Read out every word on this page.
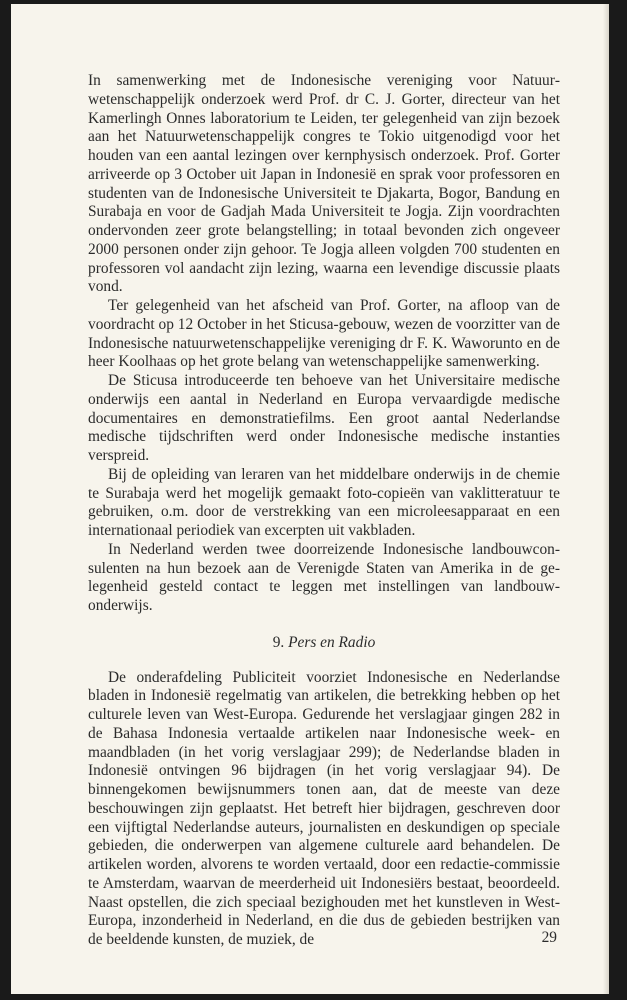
In samenwerking met de Indonesische vereniging voor Natuurwetenschappelijk onderzoek werd Prof. dr C. J. Gorter, directeur van het Kamerlingh Onnes laboratorium te Leiden, ter gelegenheid van zijn bezoek aan het Natuurwetenschappelijk congres te Tokio uitgenodigd voor het houden van een aantal lezingen over kernphysisch onderzoek. Prof. Gorter arriveerde op 3 October uit Japan in Indonesië en sprak voor professoren en studenten van de Indonesische Universiteit te Djakarta, Bogor, Bandung en Surabaja en voor de Gadjah Mada Universiteit te Jogja. Zijn voordrachten ondervonden zeer grote belangstelling; in totaal bevonden zich ongeveer 2000 personen onder zijn gehoor. Te Jogja alleen volgden 700 studenten en professoren vol aandacht zijn lezing, waarna een levendige discussie plaats vond.

Ter gelegenheid van het afscheid van Prof. Gorter, na afloop van de voordracht op 12 October in het Sticusa-gebouw, wezen de voorzitter van de Indonesische natuurwetenschappelijke vereniging dr F. K. Waworunto en de heer Koolhaas op het grote belang van wetenschappelijke samenwerking.

De Sticusa introduceerde ten behoeve van het Universitaire medische onderwijs een aantal in Nederland en Europa vervaardigde medische documentaires en demonstratiefilms. Een groot aantal Nederlandse medische tijdschriften werd onder Indonesische medische instanties verspreid.

Bij de opleiding van leraren van het middelbare onderwijs in de chemie te Surabaja werd het mogelijk gemaakt foto-copieën van vaklitteratuur te gebruiken, o.m. door de verstrekking van een microleesapparaat en een internationaal periodiek van excerpten uit vakbladen.

In Nederland werden twee doorreizende Indonesische landbouwconsulenten na hun bezoek aan de Verenigde Staten van Amerika in de gelegenheid gesteld contact te leggen met instellingen van landbouwonderwijs.

9. Pers en Radio

De onderafdeling Publiciteit voorziet Indonesische en Nederlandse bladen in Indonesië regelmatig van artikelen, die betrekking hebben op het culturele leven van West-Europa. Gedurende het verslagjaar gingen 282 in de Bahasa Indonesia vertaalde artikelen naar Indonesische week- en maandbladen (in het vorig verslagjaar 299); de Nederlandse bladen in Indonesië ontvingen 96 bijdragen (in het vorig verslagjaar 94). De binnengekomen bewijsnummers tonen aan, dat de meeste van deze beschouwingen zijn geplaatst. Het betreft hier bijdragen, geschreven door een vijftigtal Nederlandse auteurs, journalisten en deskundigen op speciale gebieden, die onderwerpen van algemene culturele aard behandelen. De artikelen worden, alvorens te worden vertaald, door een redactie-commissie te Amsterdam, waarvan de meerderheid uit Indonesiërs bestaat, beoordeeld. Naast opstellen, die zich speciaal bezighouden met het kunstleven in West-Europa, inzonderheid in Nederland, en die dus de gebieden bestrijken van de beeldende kunsten, de muziek, de	29
